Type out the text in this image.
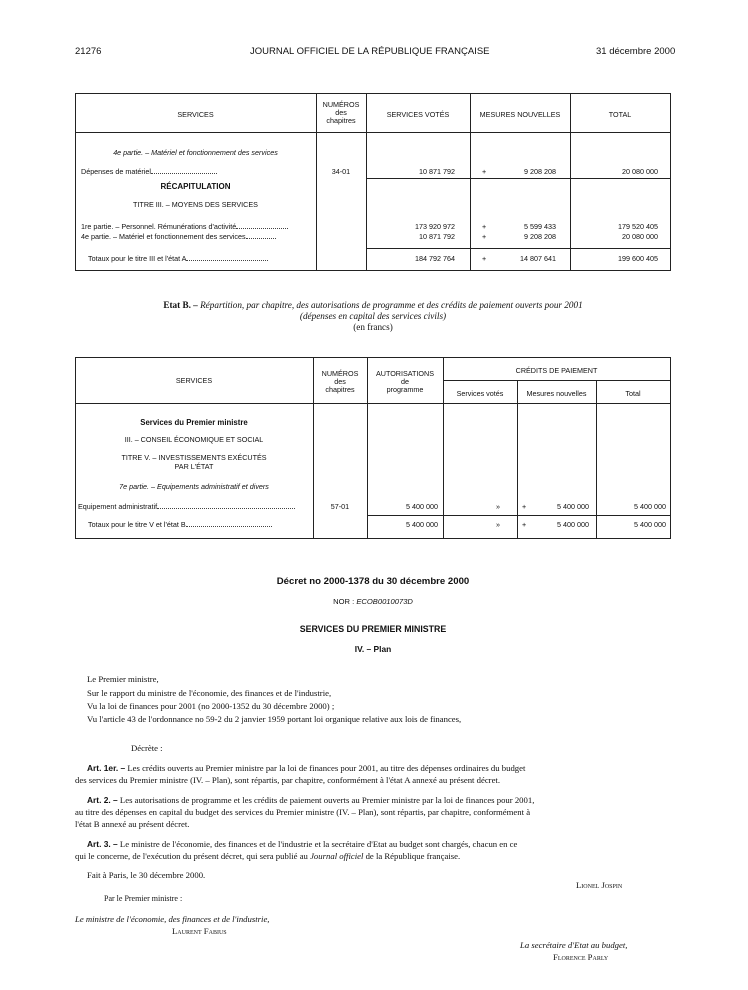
21276	JOURNAL OFFICIEL DE LA RÉPUBLIQUE FRANÇAISE	31 décembre 2000
SERVICES
NUMÉROS
des
chapitres
SERVICES VOTÉS	MESURES NOUVELLES	TOTAL
4e partie. – Matériel et fonctionnement des services
Dépenses de matériel	34-01	10 871 792	+	9 208 208	20 080 000
RÉCAPITULATION
TITRE III. – MOYENS DES SERVICES
1re partie. – Personnel. Rémunérations d'activité	173 920 972	+	5 599 433	179 520 405
4e partie. – Matériel et fonctionnement des services	10 871 792	+	9 208 208	20 080 000
Totaux pour le titre III et l'état A	184 792 764	+	14 807 641	199 600 405
Etat B. – Répartition, par chapitre, des autorisations de programme et des crédits de paiement ouverts pour 2001
(dépenses en capital des services civils)
(en francs)
SERVICES
NUMÉROS
des
chapitres
AUTORISATIONS
de
programme
CRÉDITS DE PAIEMENT
Services votés	Mesures nouvelles	Total
Services du Premier ministre
III. – CONSEIL ÉCONOMIQUE ET SOCIAL
TITRE V. – INVESTISSEMENTS EXÉCUTÉS
PAR L'ÉTAT
7e partie. – Equipements administratif et divers
Equipement administratif	57-01	5 400 000	»	+	5 400 000	5 400 000
Totaux pour le titre V et l'état B	5 400 000	»	+	5 400 000	5 400 000
Décret no 2000-1378 du 30 décembre 2000
NOR : ECOB0010073D
SERVICES DU PREMIER MINISTRE
IV. – Plan
Le Premier ministre,
Sur le rapport du ministre de l'économie, des finances et de l'industrie,
Vu la loi de finances pour 2001 (no 2000-1352 du 30 décembre 2000) ;
Vu l'article 43 de l'ordonnance no 59-2 du 2 janvier 1959 portant loi organique relative aux lois de finances,
Décrète :
Art. 1er. – Les crédits ouverts au Premier ministre par la loi de finances pour 2001, au titre des dépenses ordinaires du budget
des services du Premier ministre (IV. – Plan), sont répartis, par chapitre, conformément à l'état A annexé au présent décret.
Art. 2. – Les autorisations de programme et les crédits de paiement ouverts au Premier ministre par la loi de finances pour 2001,
au titre des dépenses en capital du budget des services du Premier ministre (IV. – Plan), sont répartis, par chapitre, conformément à
l'état B annexé au présent décret.
Art. 3. – Le ministre de l'économie, des finances et de l'industrie et la secrétaire d'Etat au budget sont chargés, chacun en ce
qui le concerne, de l'exécution du présent décret, qui sera publié au Journal officiel de la République française.
Fait à Paris, le 30 décembre 2000.
Lionel Jospin
Par le Premier ministre :
Le ministre de l'économie, des finances et de l'industrie,
Laurent Fabius
La secrétaire d'Etat au budget,
Florence Parly
